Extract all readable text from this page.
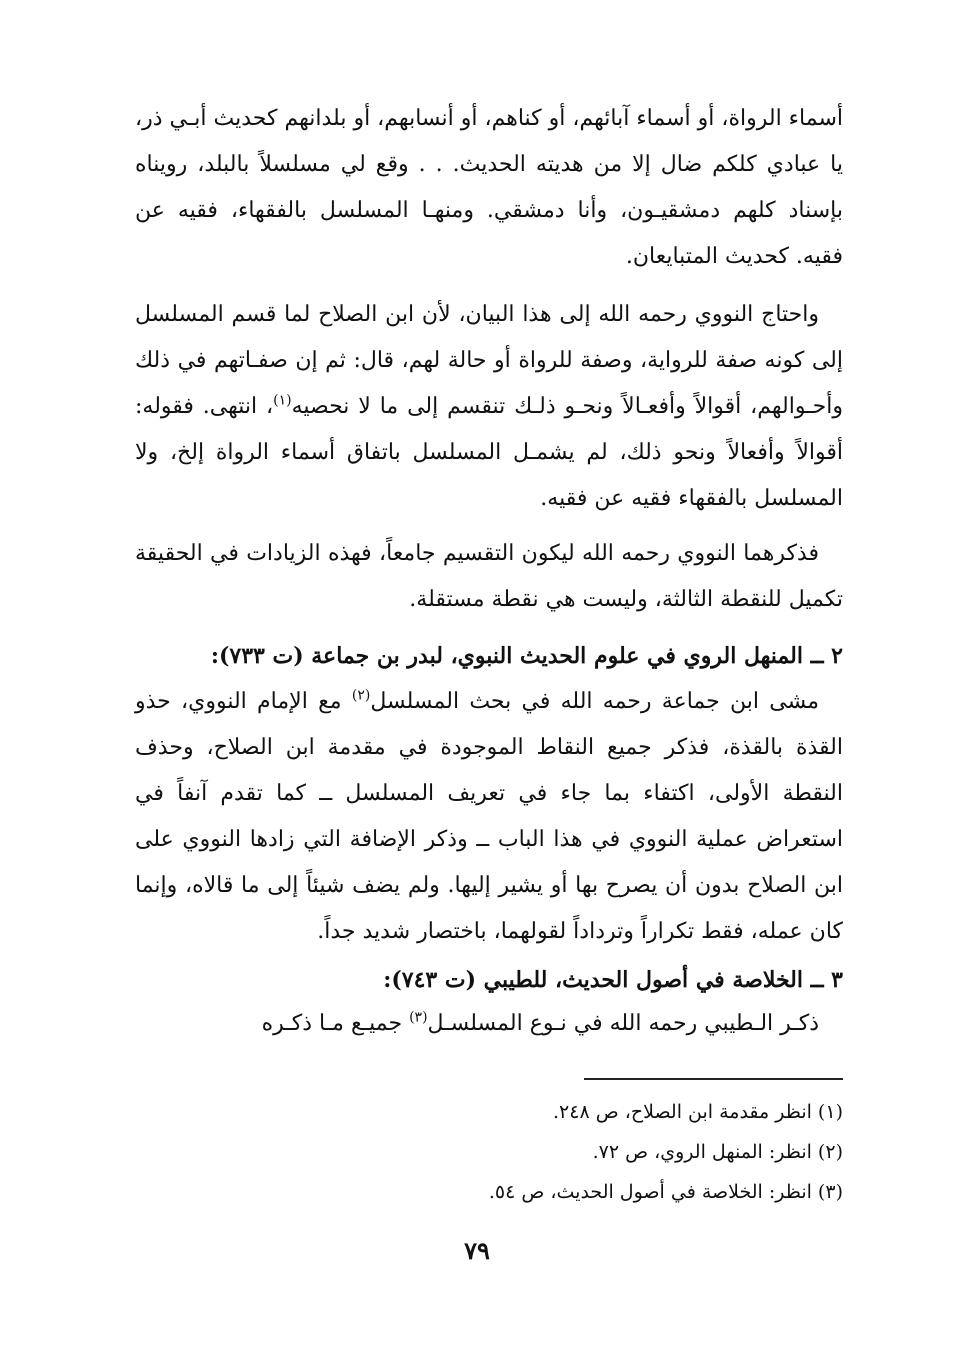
أسماء الرواة، أو أسماء آبائهم، أو كناهم، أو أنسابهم، أو بلدانهم كحديث أبـي ذر، يا عبادي كلكم ضال إلا من هديته الحديث. . . وقع لي مسلسلاً بالبلد، رويناه بإسناد كلهم دمشقيـون، وأنا دمشقي. ومنهـا المسلسل بالفقهاء، فقيه عن فقيه. كحديث المتبايعان.
واحتاج النووي رحمه الله إلى هذا البيان، لأن ابن الصلاح لما قسم المسلسل إلى كونه صفة للرواية، وصفة للرواة أو حالة لهم، قال: ثم إن صفـاتهم في ذلك وأحـوالهم، أقوالاً وأفعـالاً ونحـو ذلـك تنقسم إلى ما لا نحصيه$^{(١)}$، انتهى. فقوله: أقوالاً وأفعالاً ونحو ذلك، لم يشمـل المسلسل باتفاق أسماء الرواة إلخ، ولا المسلسل بالفقهاء فقيه عن فقيه.
فذكرهما النووي رحمه الله ليكون التقسيم جامعاً، فهذه الزيادات في الحقيقة تكميل للنقطة الثالثة، وليست هي نقطة مستقلة.
٢ ــ المنهل الروي في علوم الحديث النبوي، لبدر بن جماعة (ت ٧٣٣):
مشى ابن جماعة رحمه الله في بحث المسلسل$^{(٢)}$ مع الإمام النووي، حذو القذة بالقذة، فذكر جميع النقاط الموجودة في مقدمة ابن الصلاح، وحذف النقطة الأولى، اكتفاء بما جاء في تعريف المسلسل ــ كما تقدم آنفاً في استعراض عملية النووي في هذا الباب ــ وذكر الإضافة التي زادها النووي على ابن الصلاح بدون أن يصرح بها أو يشير إليها. ولم يضف شيئاً إلى ما قالاه، وإنما كان عمله، فقط تكراراً وترداداً لقولهما، باختصار شديد جداً.
٣ ــ الخلاصة في أصول الحديث، للطيبي (ت ٧٤٣):
ذكـر الـطيبي رحمه الله في نـوع المسلسـل$^{(٣)}$ جميـع مـا ذكـره
(١) انظر مقدمة ابن الصلاح، ص ٢٤٨.
(٢) انظر: المنهل الروي، ص ٧٢.
(٣) انظر: الخلاصة في أصول الحديث، ص ٥٤.
٧٩
